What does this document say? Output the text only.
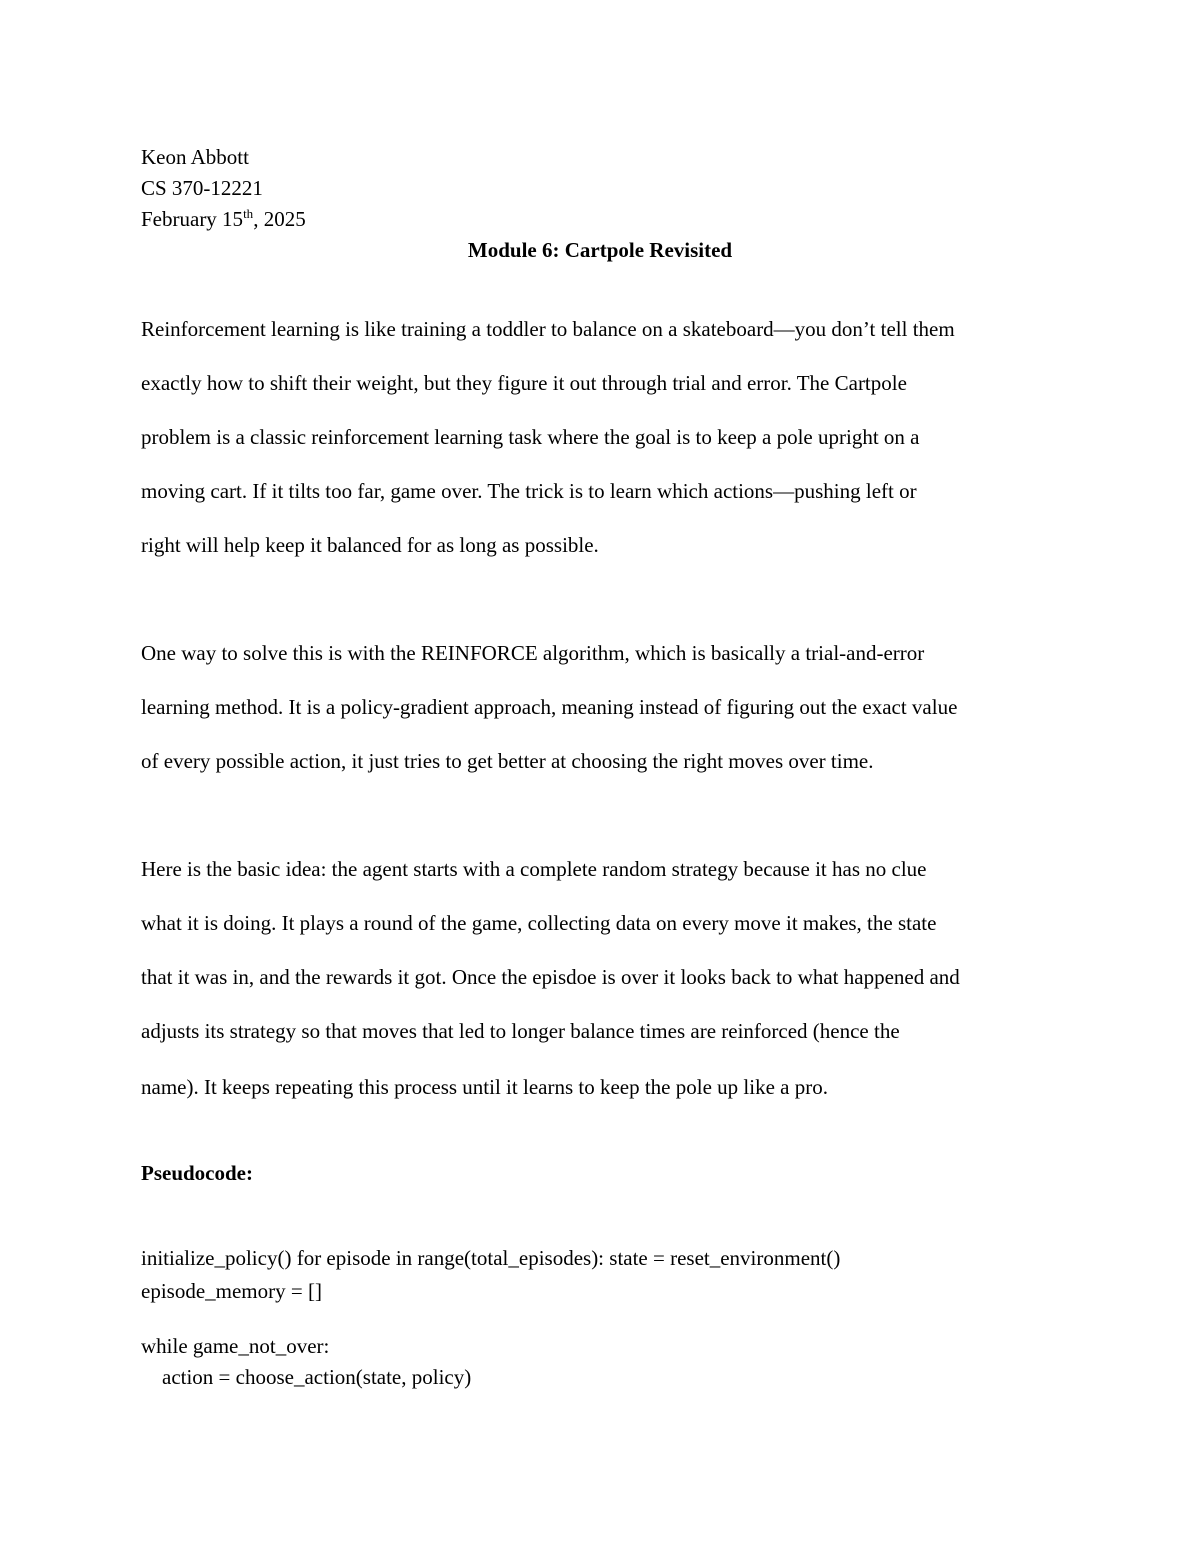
Keon Abbott
CS 370-12221
February 15th, 2025
Module 6: Cartpole Revisited
Reinforcement learning is like training a toddler to balance on a skateboard—you don’t tell them
exactly how to shift their weight, but they figure it out through trial and error. The Cartpole
problem is a classic reinforcement learning task where the goal is to keep a pole upright on a
moving cart. If it tilts too far, game over. The trick is to learn which actions—pushing left or
right will help keep it balanced for as long as possible.
One way to solve this is with the REINFORCE algorithm, which is basically a trial-and-error
learning method. It is a policy-gradient approach, meaning instead of figuring out the exact value
of every possible action, it just tries to get better at choosing the right moves over time.
Here is the basic idea: the agent starts with a complete random strategy because it has no clue
what it is doing. It plays a round of the game, collecting data on every move it makes, the state
that it was in, and the rewards it got. Once the episdoe is over it looks back to what happened and
adjusts its strategy so that moves that led to longer balance times are reinforced (hence the
name). It keeps repeating this process until it learns to keep the pole up like a pro.
Pseudocode:
initialize_policy() for episode in range(total_episodes): state = reset_environment()
episode_memory = []
while game_not_over:
action = choose_action(state, policy)
